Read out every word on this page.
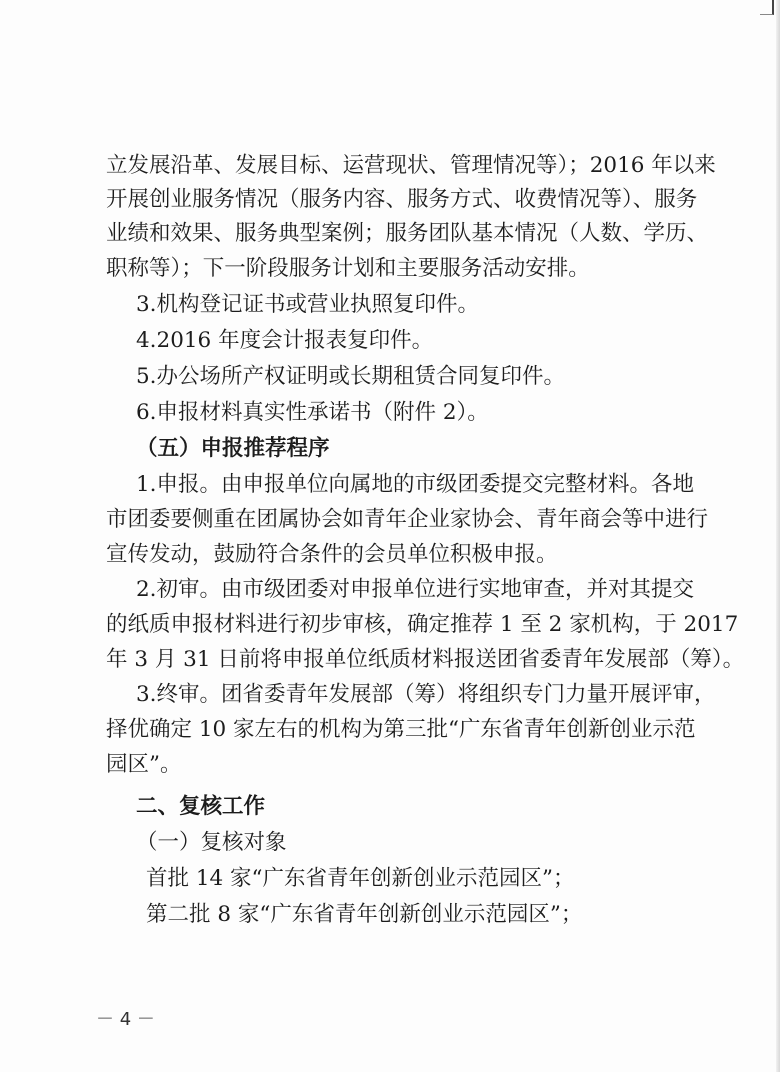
立发展沿革、发展目标、运营现状、管理情况等）；2016 年以来
开展创业服务情况（服务内容、服务方式、收费情况等）、服务
业绩和效果、服务典型案例；服务团队基本情况（人数、学历、
职称等）；下一阶段服务计划和主要服务活动安排。
3.机构登记证书或营业执照复印件。
4.2016 年度会计报表复印件。
5.办公场所产权证明或长期租赁合同复印件。
6.申报材料真实性承诺书（附件 2）。
（五）申报推荐程序
1.申报。由申报单位向属地的市级团委提交完整材料。各地
市团委要侧重在团属协会如青年企业家协会、青年商会等中进行
宣传发动，鼓励符合条件的会员单位积极申报。
2.初审。由市级团委对申报单位进行实地审查，并对其提交
的纸质申报材料进行初步审核，确定推荐 1 至 2 家机构，于 2017
年 3 月 31 日前将申报单位纸质材料报送团省委青年发展部（筹）。
3.终审。团省委青年发展部（筹）将组织专门力量开展评审，
择优确定 10 家左右的机构为第三批“广东省青年创新创业示范
园区”。
二、复核工作
（一）复核对象
首批 14 家“广东省青年创新创业示范园区”；
第二批 8 家“广东省青年创新创业示范园区”；
－ 4 －
